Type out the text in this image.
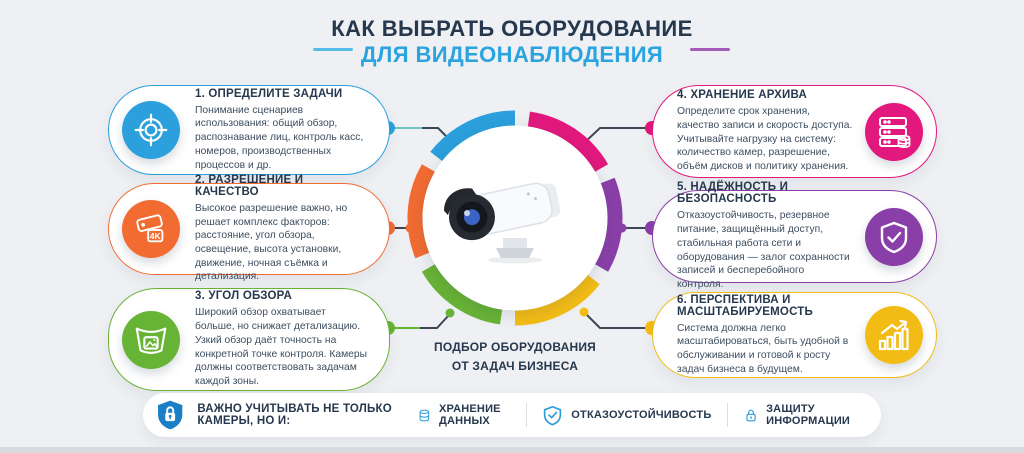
КАК ВЫБРАТЬ ОБОРУДОВАНИЕ
ДЛЯ ВИДЕОНАБЛЮДЕНИЯ
ПОДБОР ОБОРУДОВАНИЯ
ОТ ЗАДАЧ БИЗНЕСА
1. ОПРЕДЕЛИТЕ ЗАДАЧИ

Понимание сценариев использования: общий обзор, распознавание лиц, контроль касс, номеров, производственных процессов и др.

4K
2. РАЗРЕШЕНИЕ И КАЧЕСТВО

Высокое разрешение важно, но решает комплекс факторов: расстояние, угол обзора, освещение, высота установки, движение, ночная съёмка и детализация.

3. УГОЛ ОБЗОРА

Широкий обзор охватывает больше, но снижает детализацию. Узкий обзор даёт точность на конкретной точке контроля. Камеры должны соответствовать задачам каждой зоны.

4. ХРАНЕНИЕ АРХИВА

Определите срок хранения, качество записи и скорость доступа. Учитывайте нагрузку на систему: количество камер, разрешение, объём дисков и политику хранения.

5. НАДЁЖНОСТЬ И БЕЗОПАСНОСТЬ

Отказоустойчивость, резервное питание, защищённый доступ, стабильная работа сети и оборудования — залог сохранности записей и бесперебойного контроля.

6. ПЕРСПЕКТИВА И МАСШТАБИРУЕМОСТЬ

Система должна легко масштабироваться, быть удобной в обслуживании и готовой к росту задач бизнеса в будущем.

ВАЖНО УЧИТЫВАТЬ НЕ ТОЛЬКО КАМЕРЫ, НО И:
ХРАНЕНИЕ ДАННЫХ	ОТКАЗОУСТОЙЧИВОСТЬ	ЗАЩИТУ ИНФОРМАЦИИ
